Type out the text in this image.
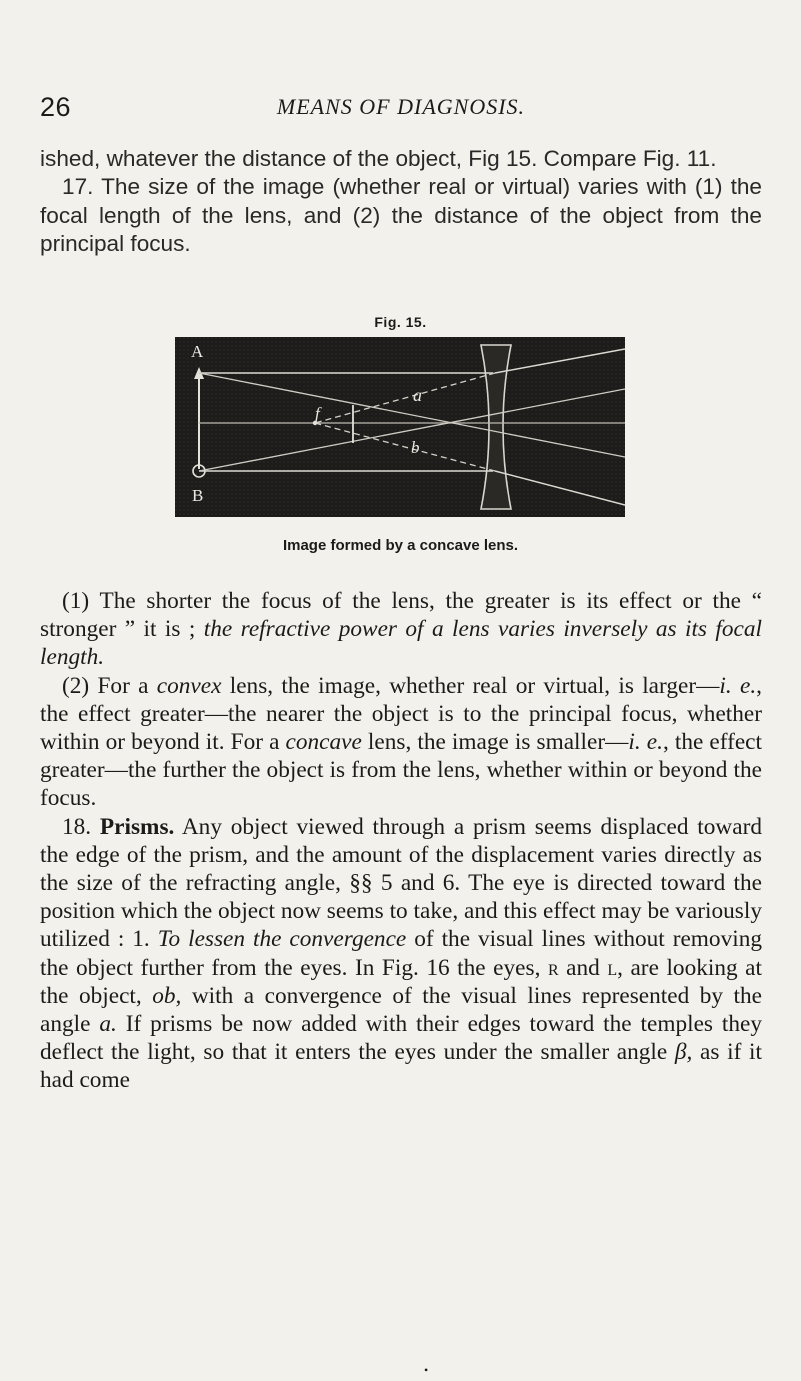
26	MEANS OF DIAGNOSIS.

ished, whatever the distance of the object, Fig 15. Compare Fig. 11.

17. The size of the image (whether real or virtual) varies with (1) the focal length of the lens, and (2) the distance of the object from the principal focus.

Fig. 15.
A
B
a
b
f
Image formed by a concave lens.

(1) The shorter the focus of the lens, the greater is its effect or the “ stronger ” it is ; the refractive power of a lens varies inversely as its focal length.

(2) For a convex lens, the image, whether real or virtual, is larger—i. e., the effect greater—the nearer the object is to the principal focus, whether within or beyond it. For a concave lens, the image is smaller—i. e., the effect greater—the further the object is from the lens, whether within or beyond the focus.

18. Prisms. Any object viewed through a prism seems displaced toward the edge of the prism, and the amount of the displacement varies directly as the size of the refracting angle, §§ 5 and 6. The eye is directed toward the position which the object now seems to take, and this effect may be variously utilized : 1. To lessen the convergence of the visual lines without removing the object further from the eyes. In Fig. 16 the eyes, r and l, are looking at the object, ob, with a convergence of the visual lines represented by the angle a. If prisms be now added with their edges toward the temples they deflect the light, so that it enters the eyes under the smaller angle β, as if it had come

•
